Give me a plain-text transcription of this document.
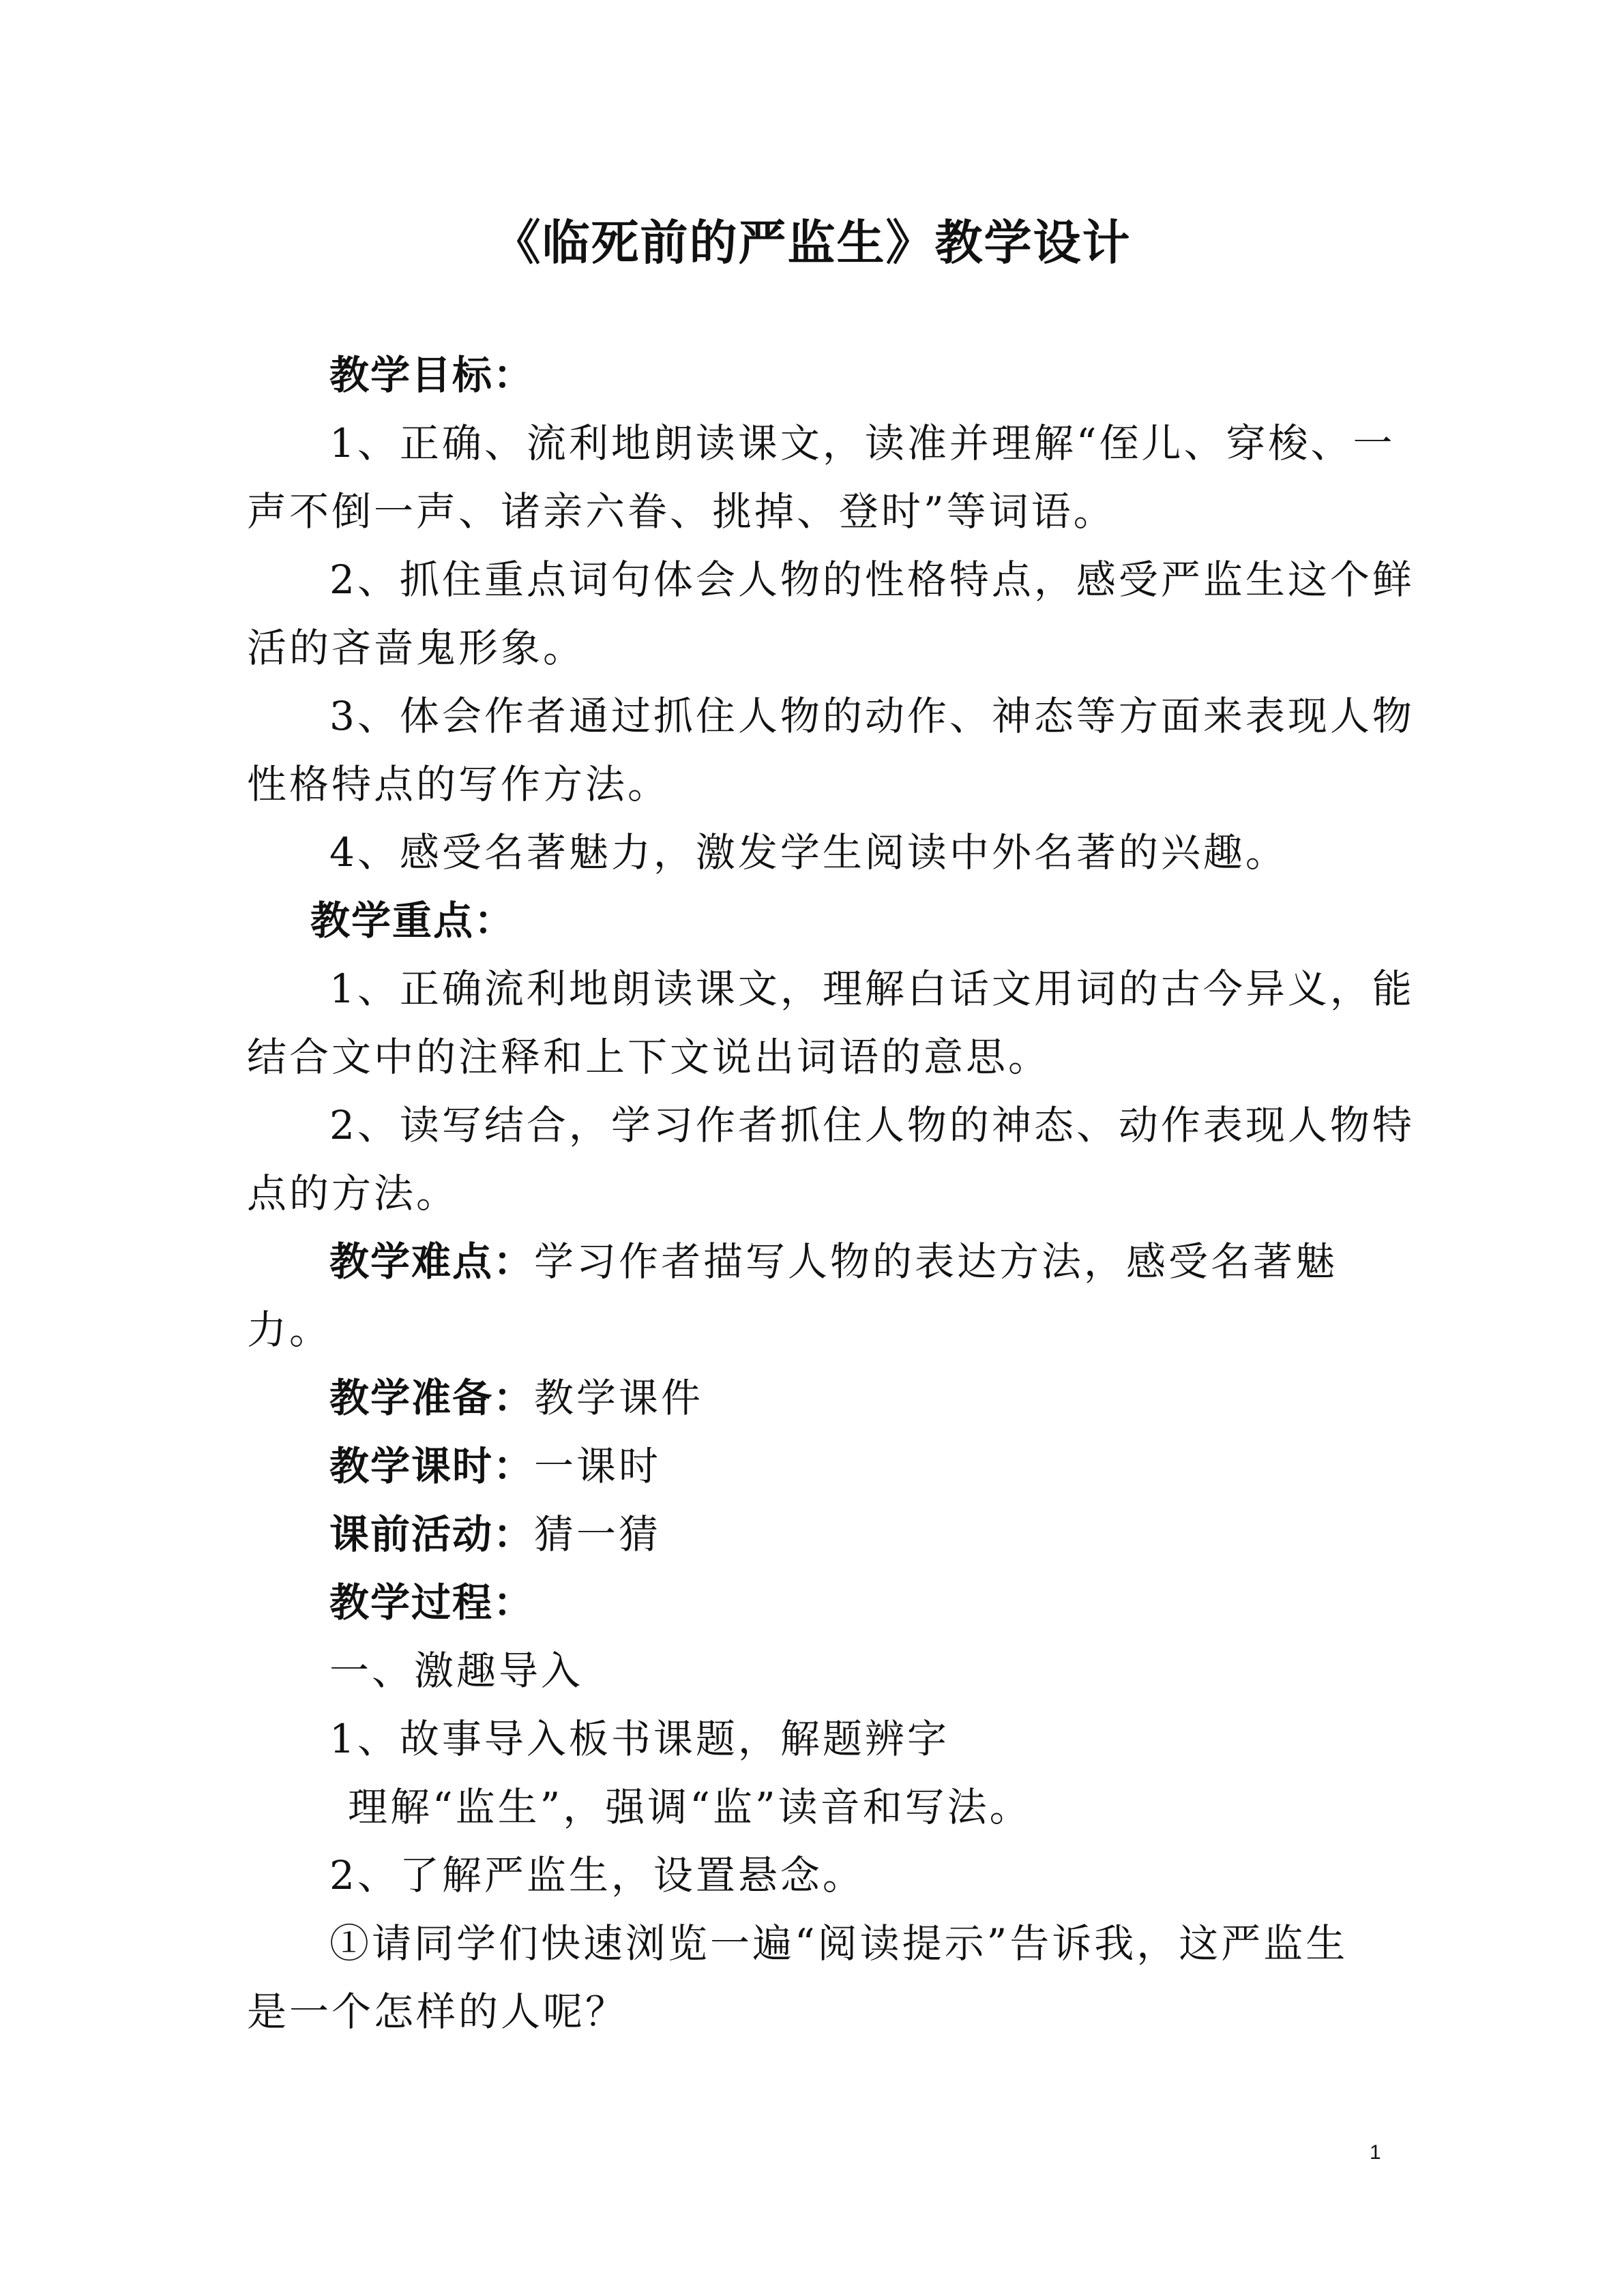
《临死前的严监生》教学设计
教学目标：
1、正确、流利地朗读课文，读准并理解“侄儿、穿梭、一
声不倒一声、诸亲六眷、挑掉、登时”等词语。
2、抓住重点词句体会人物的性格特点，感受严监生这个鲜
活的吝啬鬼形象。
3、体会作者通过抓住人物的动作、神态等方面来表现人物
性格特点的写作方法。
4、感受名著魅力，激发学生阅读中外名著的兴趣。
教学重点：
1、正确流利地朗读课文，理解白话文用词的古今异义，能
结合文中的注释和上下文说出词语的意思。
2、读写结合，学习作者抓住人物的神态、动作表现人物特
点的方法。
教学难点：学习作者描写人物的表达方法，感受名著魅
力。
教学准备：教学课件
教学课时：一课时
课前活动：猜一猜
教学过程：
一、激趣导入
1、故事导入板书课题，解题辨字
理解“监生”，强调“监”读音和写法。
2、了解严监生，设置悬念。
①请同学们快速浏览一遍“阅读提示”告诉我，这严监生
是一个怎样的人呢？
1
